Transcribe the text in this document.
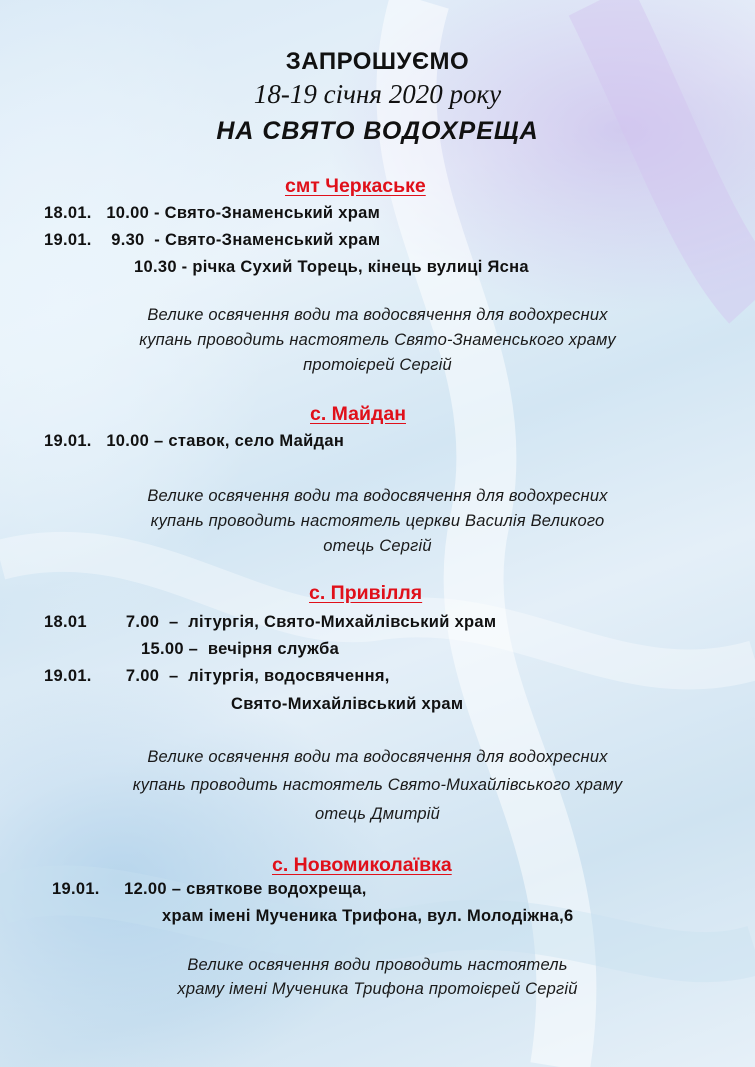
ЗАПРОШУЄМО
18-19 січня 2020 року
НА СВЯТО ВОДОХРЕЩА
смт Черкаське
18.01.   10.00 - Свято-Знаменський храм
19.01.    9.30  - Свято-Знаменський храм
10.30 - річка Сухий Торець, кінець вулиці Ясна
Велике освячення води та водосвячення для водохресних
купань проводить настоятель Свято-Знаменського храму
протоієрей Сергій
с. Майдан
19.01.   10.00 – ставок, село Майдан
Велике освячення води та водосвячення для водохресних
купань проводить настоятель церкви Василія Великого
отець Сергій
с. Привілля
18.01        7.00  –  літургія, Свято-Михайлівський храм
15.00 –  вечірня служба
19.01.       7.00  –  літургія, водосвячення,
Свято-Михайлівський храм
Велике освячення води та водосвячення для водохресних
купань проводить настоятель Свято-Михайлівського храму
отець Дмитрій
с. Новомиколаївка
19.01.     12.00 – святкове водохреща,
храм імені Мученика Трифона, вул. Молодіжна,6
Велике освячення води проводить настоятель
храму імені Мученика Трифона протоієрей Сергій
